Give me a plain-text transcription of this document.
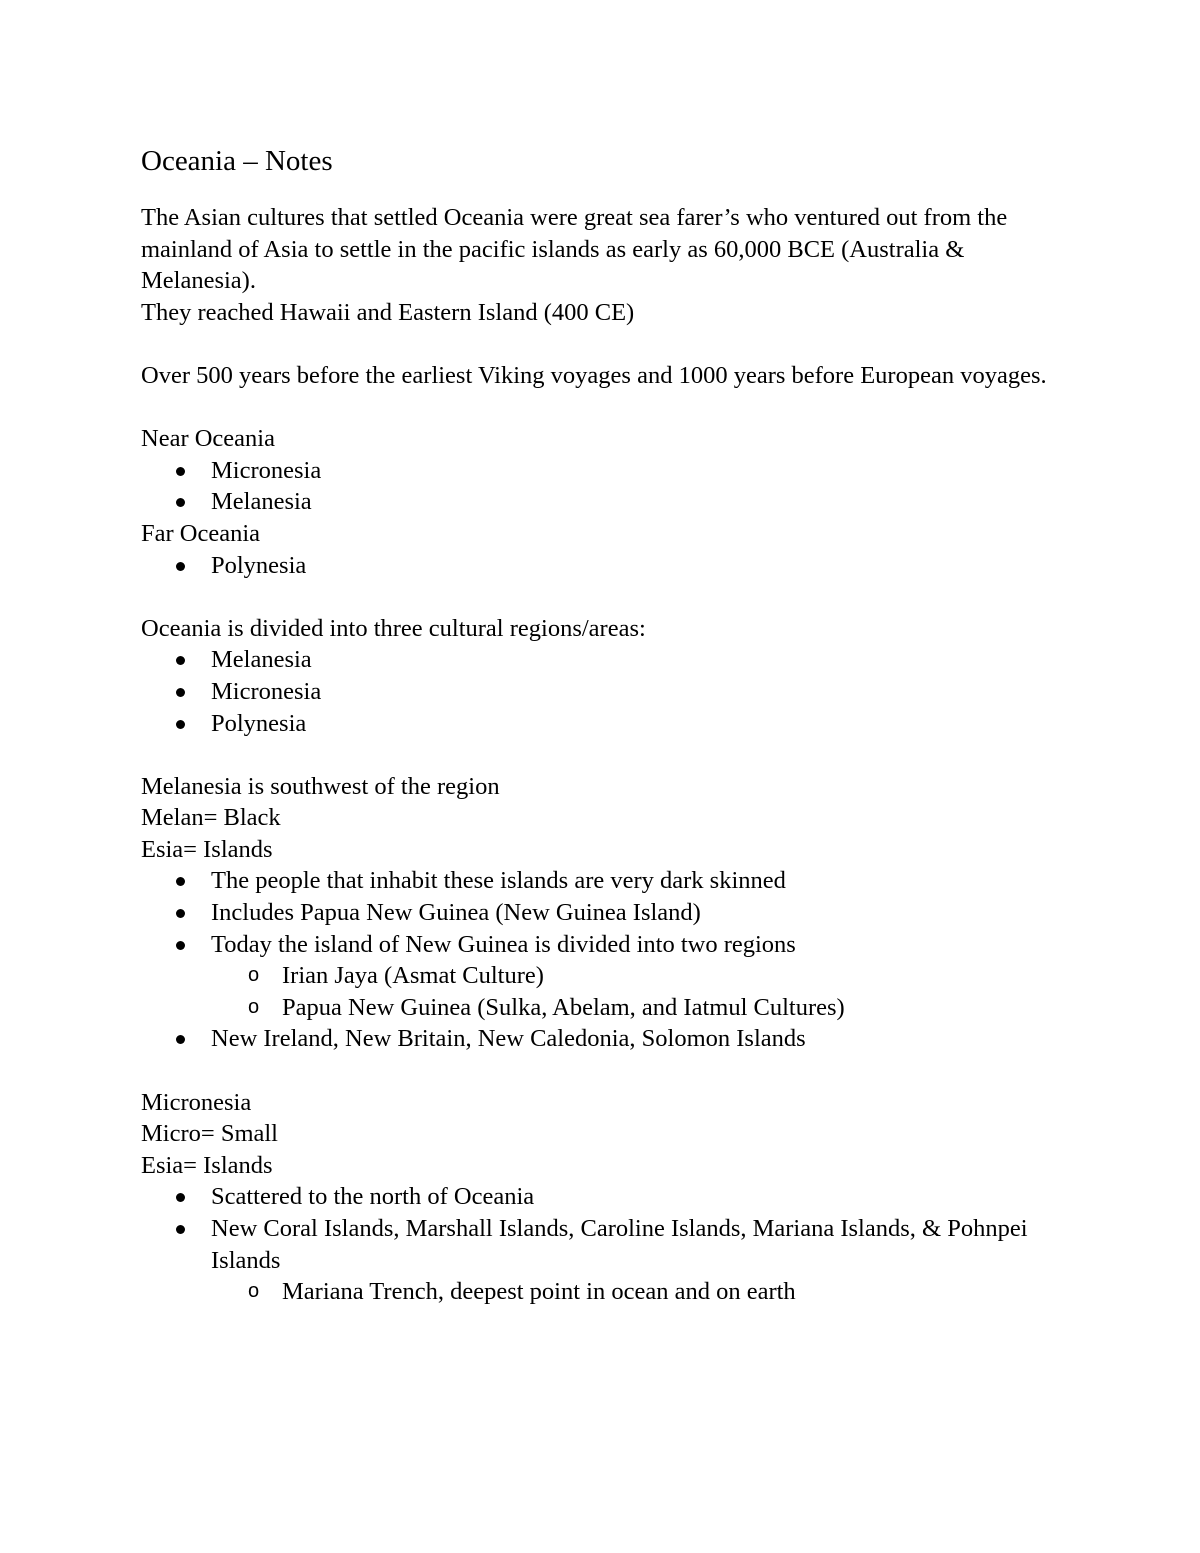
Oceania – Notes

The Asian cultures that settled Oceania were great sea farer’s who ventured out from the mainland of Asia to settle in the pacific islands as early as 60,000 BCE (Australia & Melanesia).

They reached Hawaii and Eastern Island (400 CE)

Over 500 years before the earliest Viking voyages and 1000 years before European voyages.

Near Oceania

Micronesia
Melanesia

Far Oceania

Polynesia

Oceania is divided into three cultural regions/areas:

Melanesia
Micronesia
Polynesia

Melanesia is southwest of the region

Melan= Black

Esia= Islands

The people that inhabit these islands are very dark skinned
Includes Papua New Guinea (New Guinea Island)
Today the island of New Guinea is divided into two regions
o Irian Jaya (Asmat Culture)
o Papua New Guinea (Sulka, Abelam, and Iatmul Cultures)
New Ireland, New Britain, New Caledonia, Solomon Islands

Micronesia

Micro= Small

Esia= Islands

Scattered to the north of Oceania
New Coral Islands, Marshall Islands, Caroline Islands, Mariana Islands, & Pohnpei Islands
o Mariana Trench, deepest point in ocean and on earth
